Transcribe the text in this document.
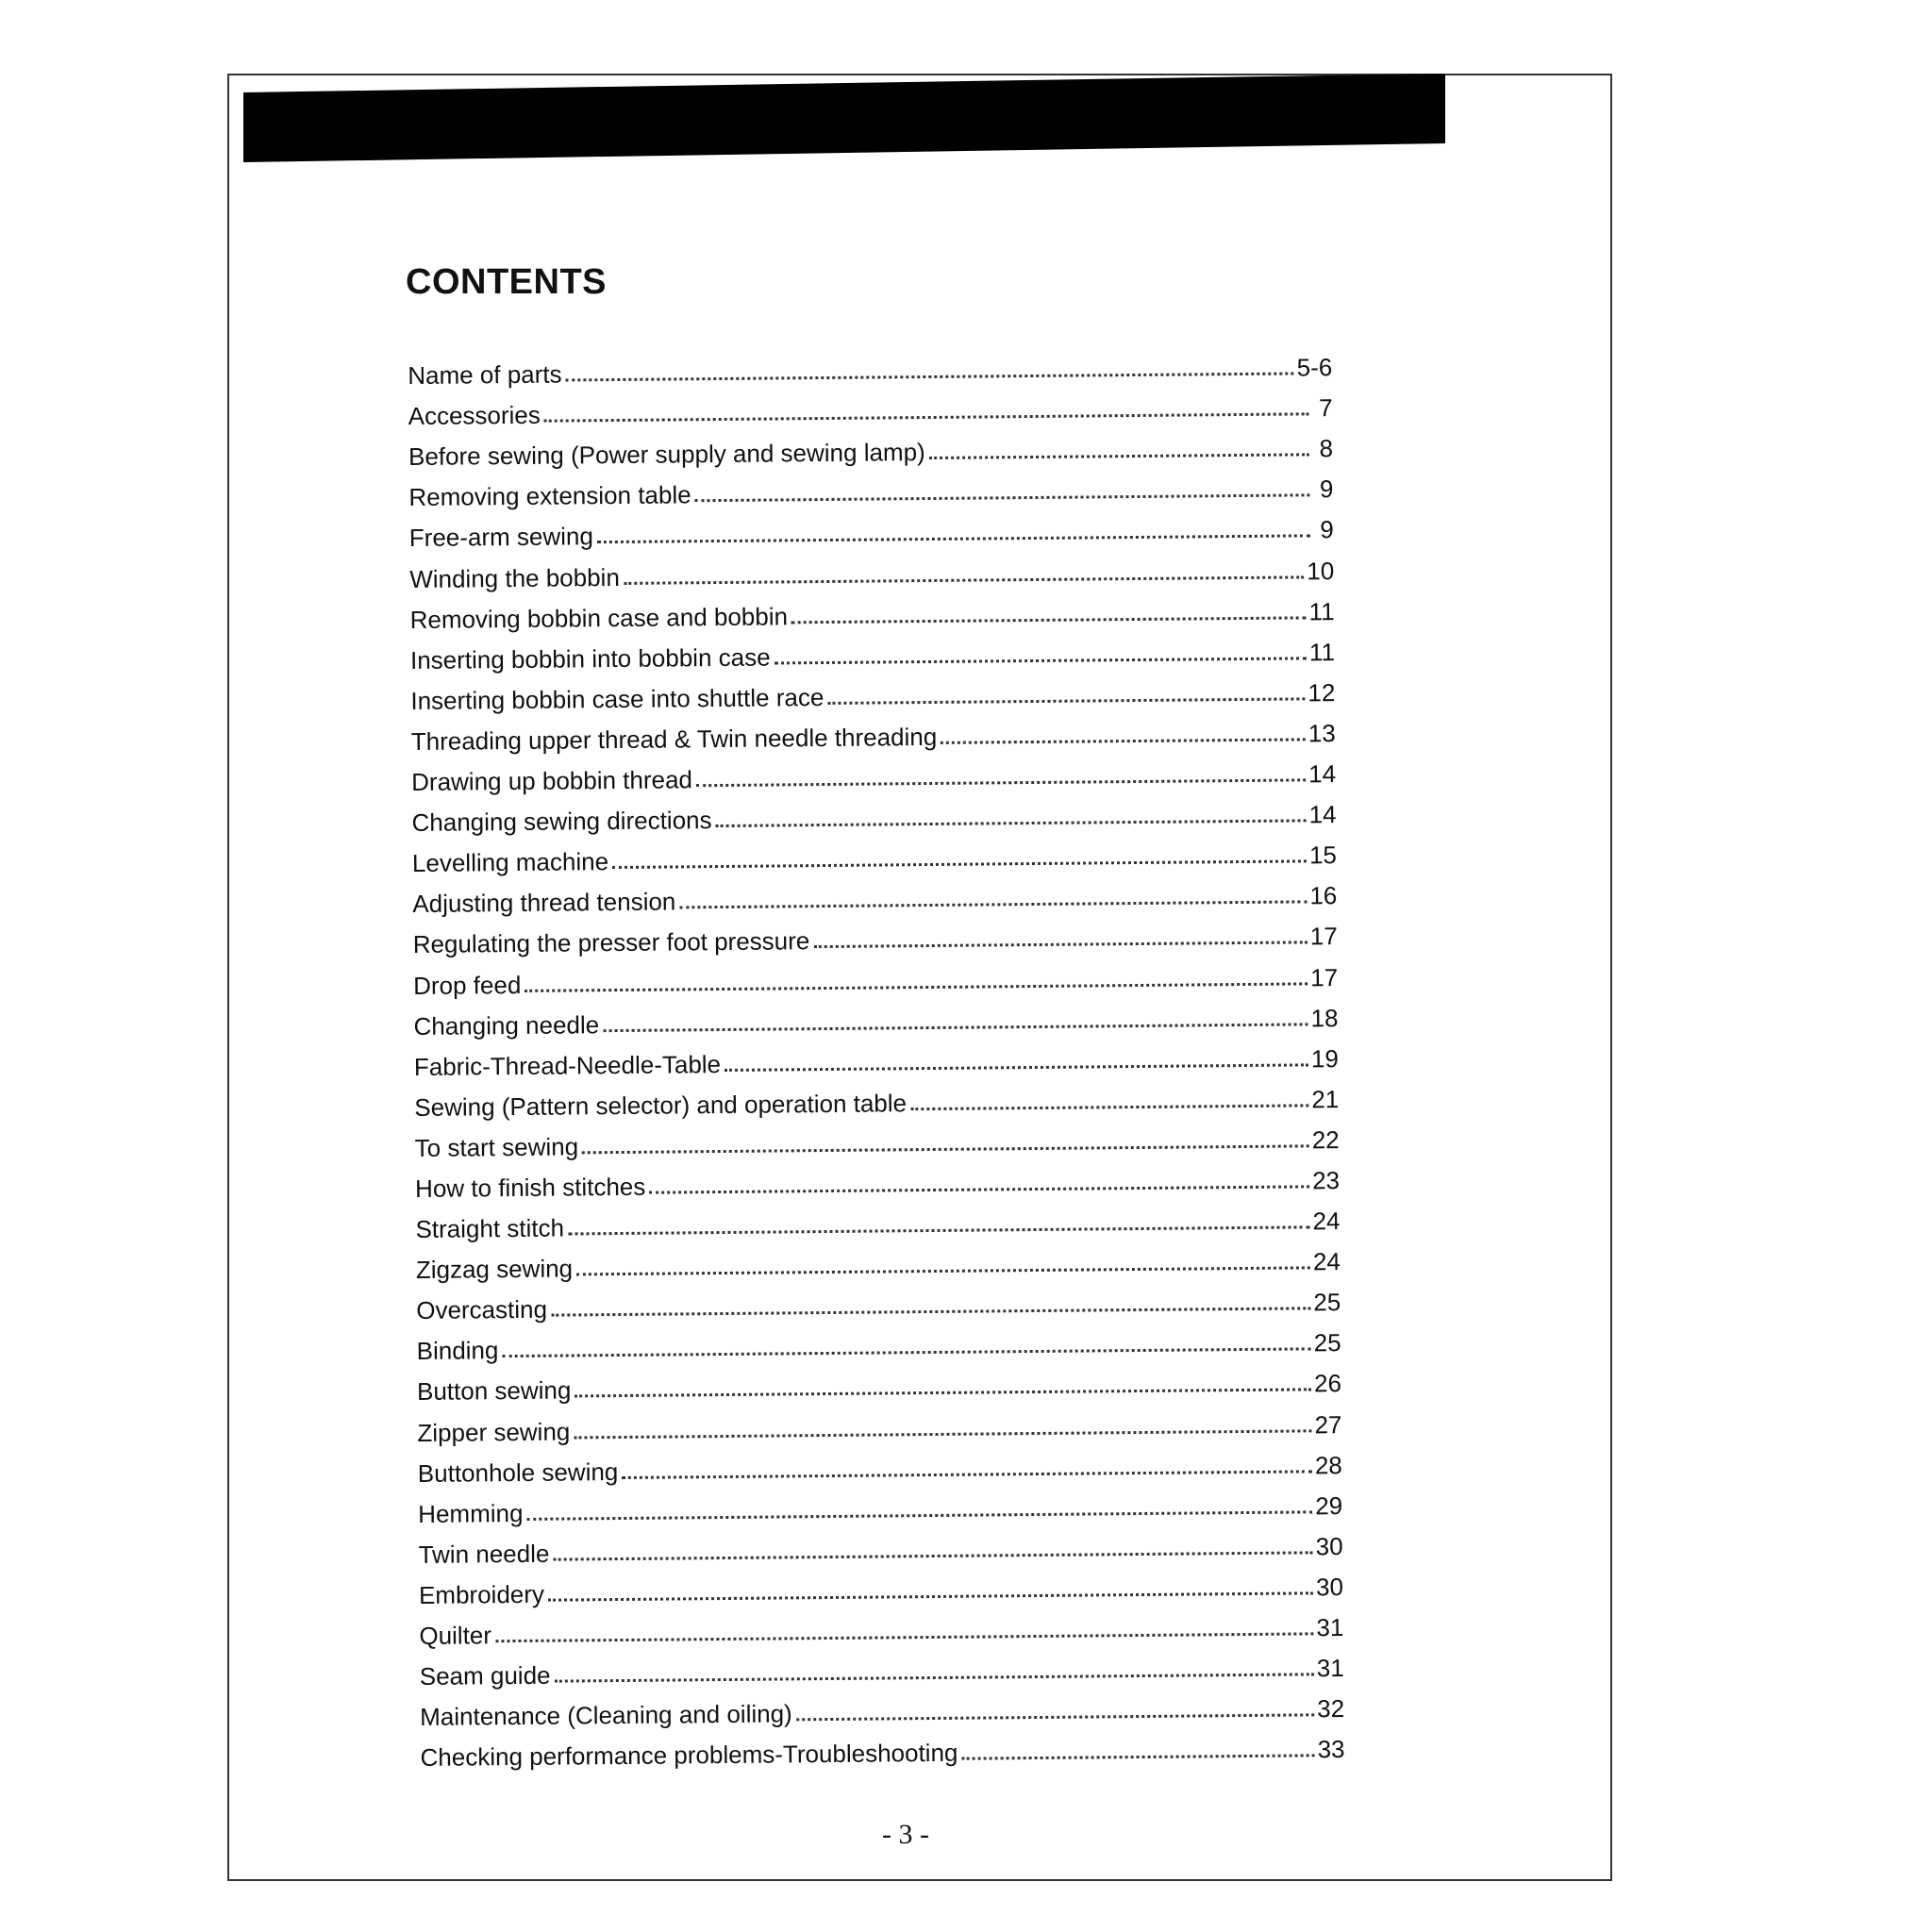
CONTENTS
Name of parts	5-6
Accessories	7
Before sewing (Power supply and sewing lamp)	8
Removing extension table	9
Free-arm sewing	9
Winding the bobbin	10
Removing bobbin case and bobbin	11
Inserting bobbin into bobbin case	11
Inserting bobbin case into shuttle race	12
Threading upper thread & Twin needle threading	13
Drawing up bobbin thread	14
Changing sewing directions	14
Levelling machine	15
Adjusting thread tension	16
Regulating the presser foot pressure	17
Drop feed	17
Changing needle	18
Fabric-Thread-Needle-Table	19
Sewing (Pattern selector) and operation table	21
To start sewing	22
How to finish stitches	23
Straight stitch	24
Zigzag sewing	24
Overcasting	25
Binding	25
Button sewing	26
Zipper sewing	27
Buttonhole sewing	28
Hemming	29
Twin needle	30
Embroidery	30
Quilter	31
Seam guide	31
Maintenance (Cleaning and oiling)	32
Checking performance problems-Troubleshooting	33
- 3 -
